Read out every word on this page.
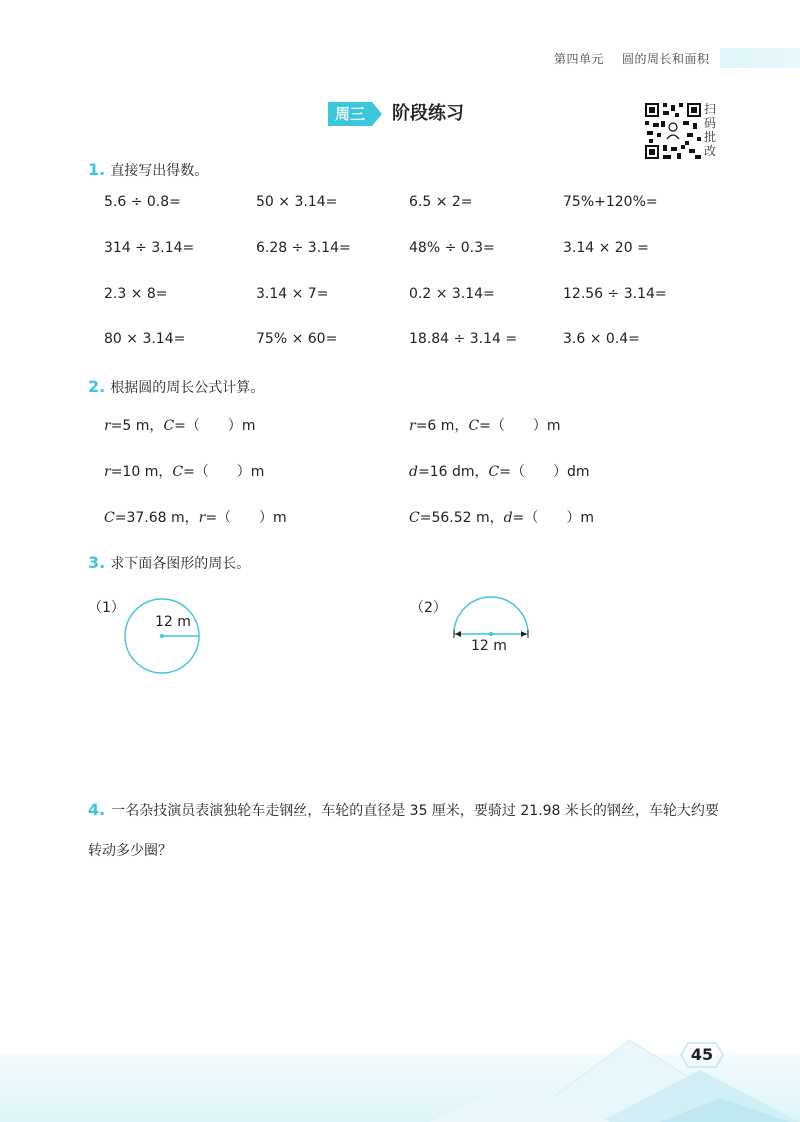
第四单元 圆的周长和面积
周三	阶段练习	扫码批改
1. 直接写出得数。
5.6 ÷ 0.8=	50 × 3.14=	6.5 × 2=	75%+120%=
314 ÷ 3.14=	6.28 ÷ 3.14=	48% ÷ 0.3=	3.14 × 20 =
2.3 × 8=	3.14 × 7=	0.2 × 3.14=	12.56 ÷ 3.14=
80 × 3.14=	75% × 60=	18.84 ÷ 3.14 =	3.6 × 0.4=
2. 根据圆的周长公式计算。
r=5 m，C=（　　）m	r=6 m，C=（　　）m
r=10 m，C=（　　）m	d=16 dm，C=（　　）dm
C=37.68 m，r=（　　）m	C=56.52 m，d=（　　）m
3. 求下面各图形的周长。
（1）
12 m
（2）
12 m
4. 一名杂技演员表演独轮车走钢丝，车轮的直径是 35 厘米，要骑过 21.98 米长的钢丝，车轮大约要转动多少圈？
45
